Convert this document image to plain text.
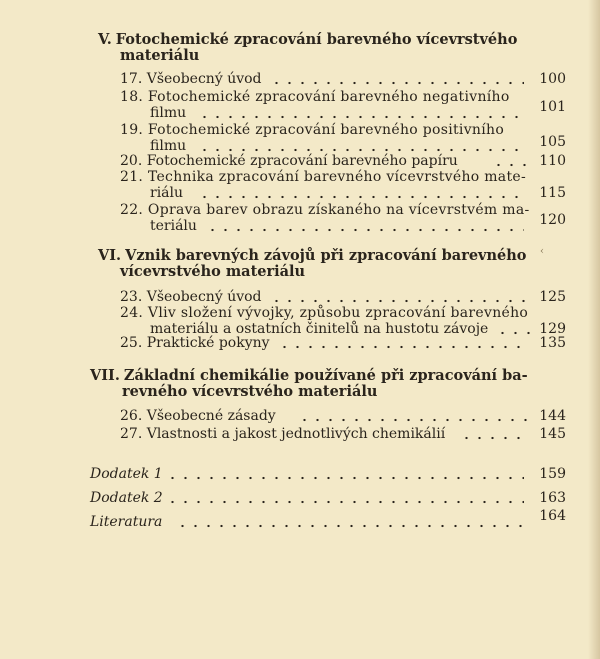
V. Fotochemické zpracování barevného vícevrstvého
materiálu
17. Všeobecný úvod	100
18. Fotochemické zpracování barevného negativního
filmu	101
19. Fotochemické zpracování barevného positivního
filmu	105
20. Fotochemické zpracování barevného papíru	110
21. Technika zpracování barevného vícevrstvého mate-
riálu	115
22. Oprava barev obrazu získaného na vícevrstvém ma-
teriálu	120
VI. Vznik barevných závojů při zpracování barevného
vícevrstvého materiálu
23. Všeobecný úvod	125
24. Vliv složení vývojky, způsobu zpracování barevného
materiálu a ostatních činitelů na hustotu závoje	129
25. Praktické pokyny	135
VII. Základní chemikálie používané při zpracování ba-
revného vícevrstvého materiálu
26. Všeobecné zásady	144
27. Vlastnosti a jakost jednotlivých chemikálií	145
Dodatek 1	159
Dodatek 2	163
Literatura	164
‹
